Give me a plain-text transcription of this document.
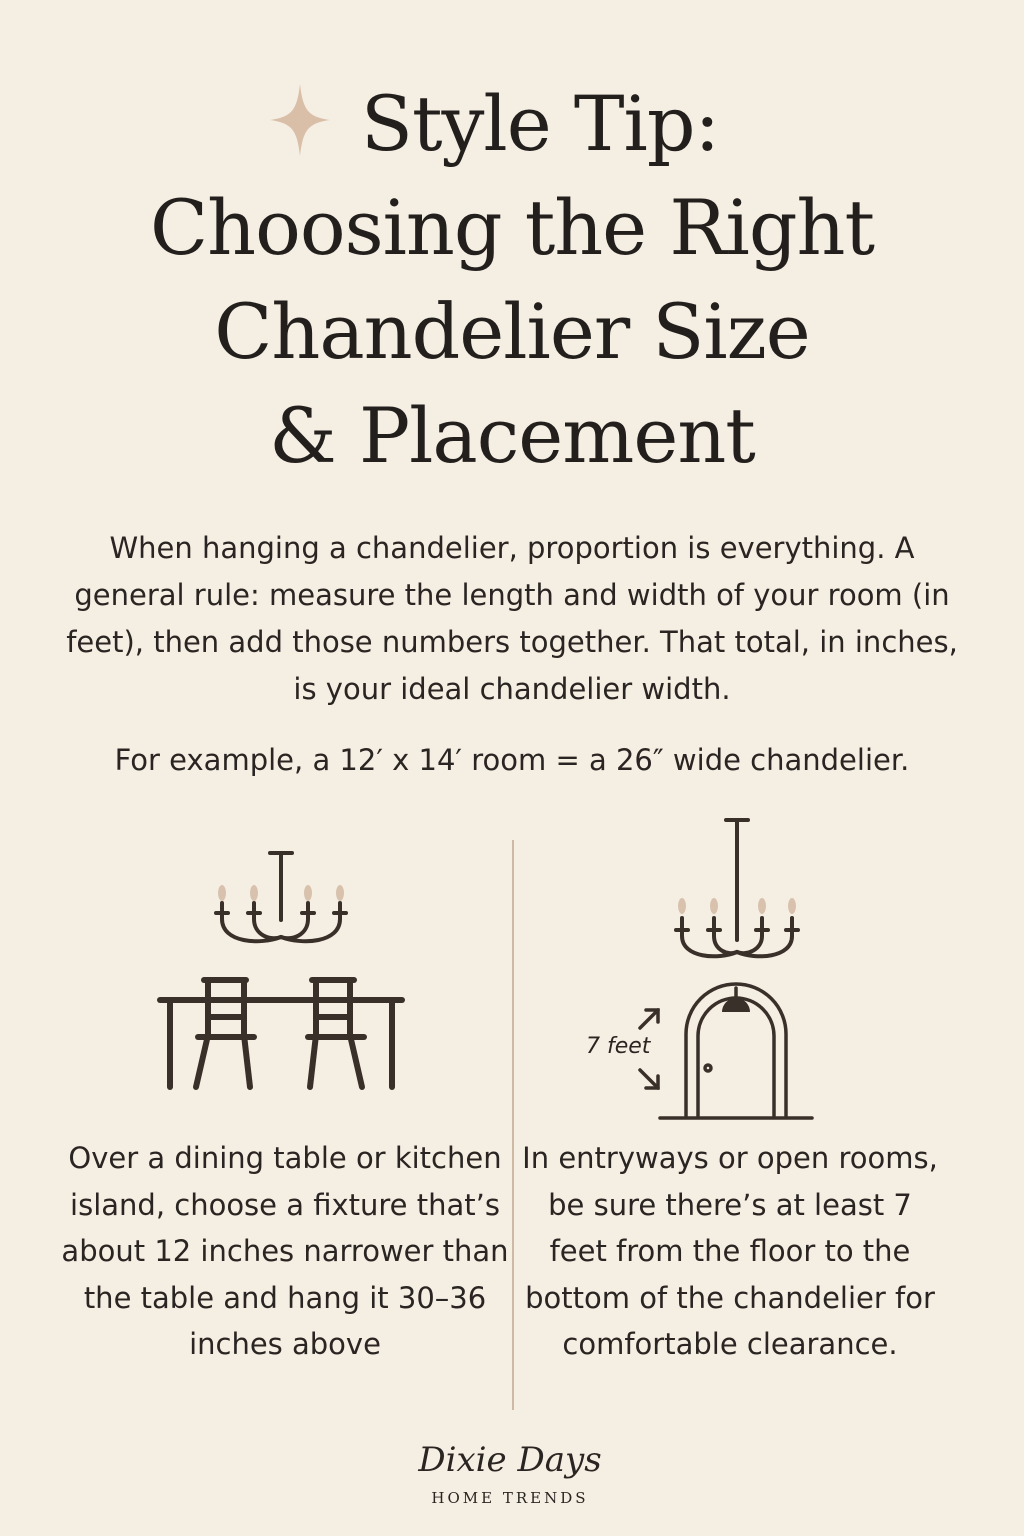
Style Tip:
Choosing the Right
Chandelier Size
& Placement

When hanging a chandelier, proportion is everything. A general rule: measure the length and width of your room (in feet), then add those numbers together. That total, in inches, is your ideal chandelier width.

For example, a 12′ x 14′ room = a 26″ wide chandelier.

7 feet

Over a dining table or kitchen island, choose a fixture that’s about 12 inches narrower than the table and hang it 30–36 inches above

In entryways or open rooms, be sure there’s at least 7 feet from the floor to the bottom of the chandelier for comfortable clearance.

Dixie Days
HOME TRENDS
